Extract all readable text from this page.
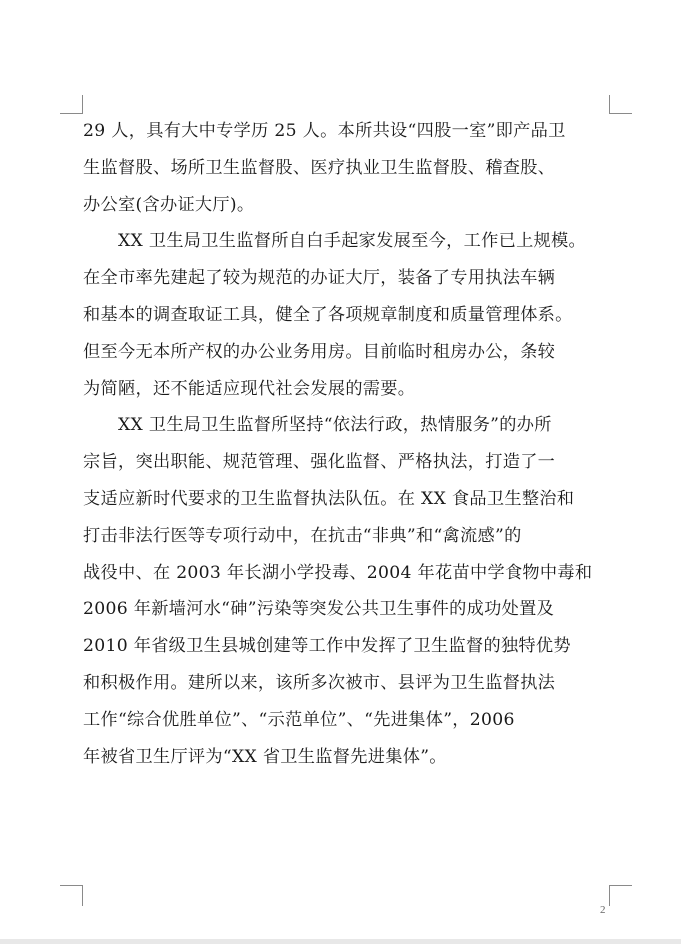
29 人，具有大中专学历 25 人。本所共设“四股一室”即产品卫
生监督股、场所卫生监督股、医疗执业卫生监督股、稽查股、
办公室(含办证大厅)。
XX 卫生局卫生监督所自白手起家发展至今，工作已上规模。
在全市率先建起了较为规范的办证大厅，装备了专用执法车辆
和基本的调查取证工具，健全了各项规章制度和质量管理体系。
但至今无本所产权的办公业务用房。目前临时租房办公，条较
为简陋，还不能适应现代社会发展的需要。
XX 卫生局卫生监督所坚持“依法行政，热情服务”的办所
宗旨，突出职能、规范管理、强化监督、严格执法，打造了一
支适应新时代要求的卫生监督执法队伍。在 XX 食品卫生整治和
打击非法行医等专项行动中，在抗击“非典”和“禽流感”的
战役中、在 2003 年长湖小学投毒、2004 年花苗中学食物中毒和
2006 年新墙河水“砷”污染等突发公共卫生事件的成功处置及
2010 年省级卫生县城创建等工作中发挥了卫生监督的独特优势
和积极作用。建所以来，该所多次被市、县评为卫生监督执法
工作“综合优胜单位”、“示范单位”、“先进集体”，2006
年被省卫生厅评为“XX 省卫生监督先进集体”。
2
